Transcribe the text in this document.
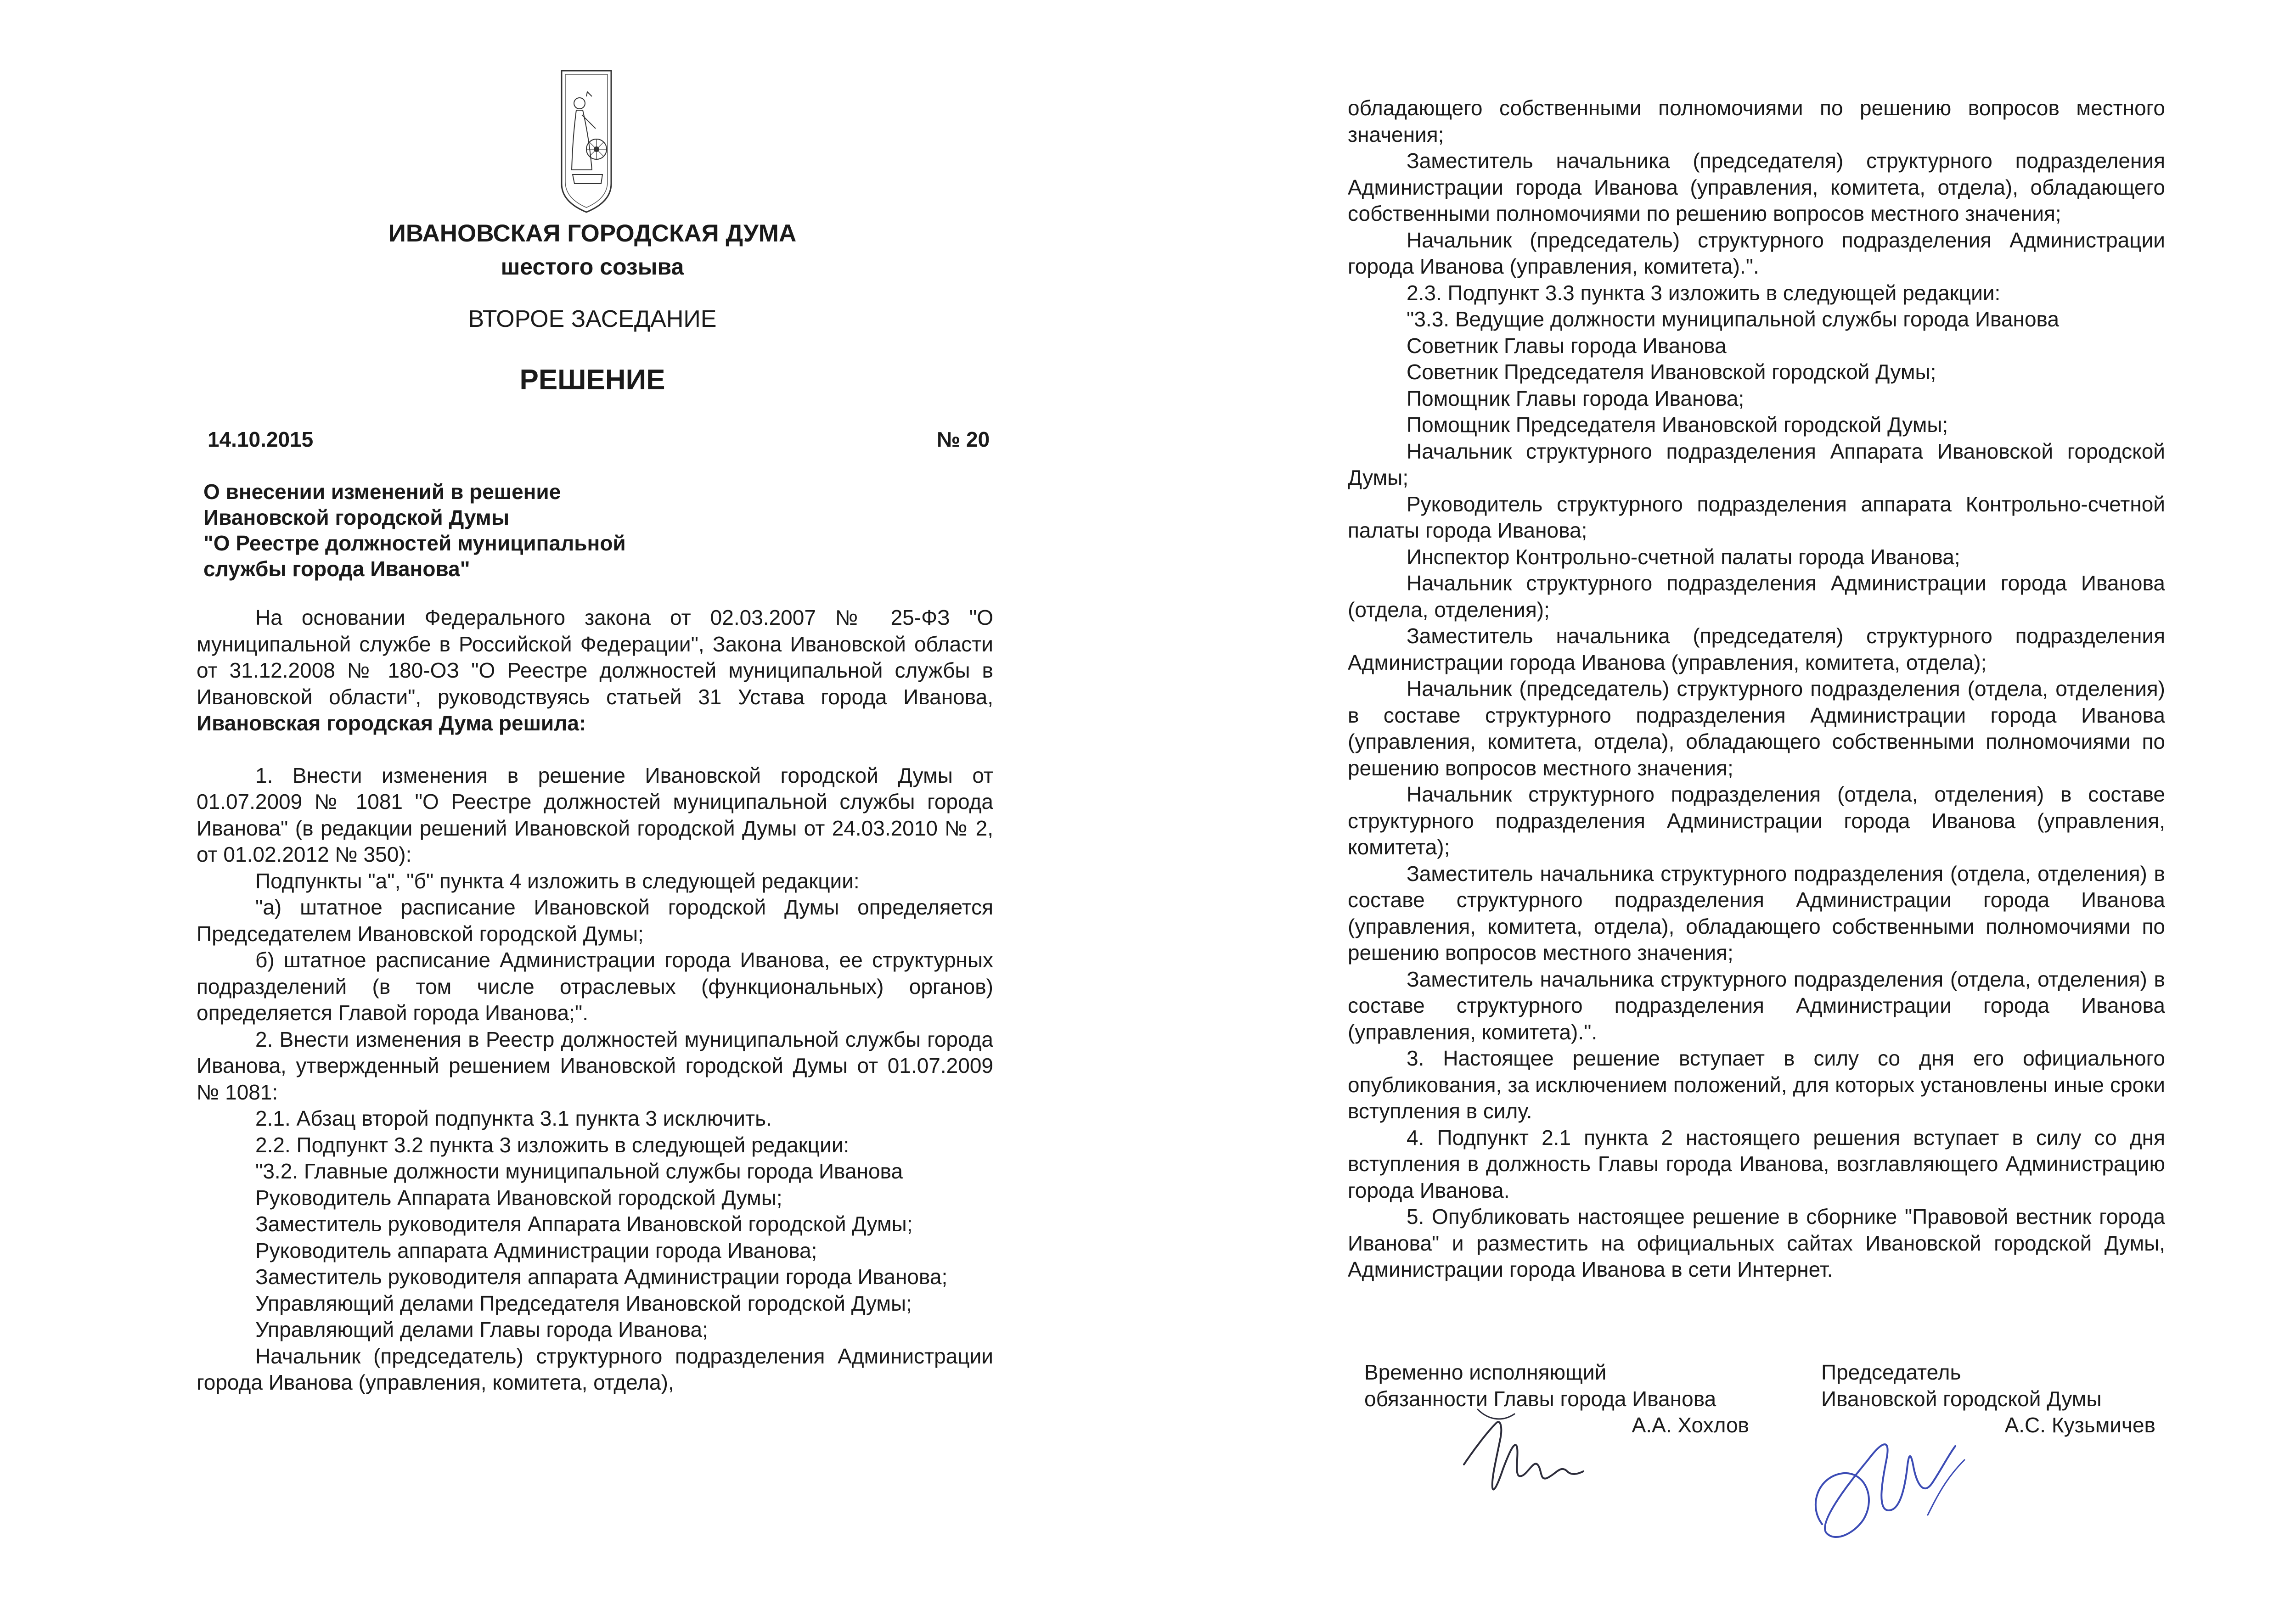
ИВАНОВСКАЯ ГОРОДСКАЯ ДУМА
шестого созыва
ВТОРОЕ ЗАСЕДАНИЕ
РЕШЕНИЕ
14.10.2015	№ 20
О внесении изменений в решение
Ивановской городской Думы
"О Реестре должностей муниципальной
службы города Иванова"

На основании Федерального закона от 02.03.2007 № 25-ФЗ "О муниципальной службе в Российской Федерации", Закона Ивановской области от 31.12.2008 № 180-ОЗ "О Реестре должностей муниципальной службы в Ивановской области", руководствуясь статьей 31 Устава города Иванова, Ивановская городская Дума решила:

1. Внести изменения в решение Ивановской городской Думы от 01.07.2009 № 1081 "О Реестре должностей муниципальной службы города Иванова" (в редакции решений Ивановской городской Думы от 24.03.2010 № 2, от 01.02.2012 № 350):

Подпункты "а", "б" пункта 4 изложить в следующей редакции:

"а) штатное расписание Ивановской городской Думы определяется Председателем Ивановской городской Думы;

б) штатное расписание Администрации города Иванова, ее структурных подразделений (в том числе отраслевых (функциональных) органов) определяется Главой города Иванова;".

2. Внести изменения в Реестр должностей муниципальной службы города Иванова, утвержденный решением Ивановской городской Думы от 01.07.2009 № 1081:

2.1. Абзац второй подпункта 3.1 пункта 3 исключить.

2.2. Подпункт 3.2 пункта 3 изложить в следующей редакции:

"3.2. Главные должности муниципальной службы города Иванова

Руководитель Аппарата Ивановской городской Думы;

Заместитель руководителя Аппарата Ивановской городской Думы;

Руководитель аппарата Администрации города Иванова;

Заместитель руководителя аппарата Администрации города Иванова;

Управляющий делами Председателя Ивановской городской Думы;

Управляющий делами Главы города Иванова;

Начальник (председатель) структурного подразделения Администрации города Иванова (управления, комитета, отдела),

обладающего собственными полномочиями по решению вопросов местного значения;

Заместитель начальника (председателя) структурного подразделения Администрации города Иванова (управления, комитета, отдела), обладающего собственными полномочиями по решению вопросов местного значения;

Начальник (председатель) структурного подразделения Администрации города Иванова (управления, комитета).".

2.3. Подпункт 3.3 пункта 3 изложить в следующей редакции:

"3.3. Ведущие должности муниципальной службы города Иванова

Советник Главы города Иванова

Советник Председателя Ивановской городской Думы;

Помощник Главы города Иванова;

Помощник Председателя Ивановской городской Думы;

Начальник структурного подразделения Аппарата Ивановской городской Думы;

Руководитель структурного подразделения аппарата Контрольно-счетной палаты города Иванова;

Инспектор Контрольно-счетной палаты города Иванова;

Начальник структурного подразделения Администрации города Иванова (отдела, отделения);

Заместитель начальника (председателя) структурного подразделения Администрации города Иванова (управления, комитета, отдела);

Начальник (председатель) структурного подразделения (отдела, отделения) в составе структурного подразделения Администрации города Иванова (управления, комитета, отдела), обладающего собственными полномочиями по решению вопросов местного значения;

Начальник структурного подразделения (отдела, отделения) в составе структурного подразделения Администрации города Иванова (управления, комитета);

Заместитель начальника структурного подразделения (отдела, отделения) в составе структурного подразделения Администрации города Иванова (управления, комитета, отдела), обладающего собственными полномочиями по решению вопросов местного значения;

Заместитель начальника структурного подразделения (отдела, отделения) в составе структурного подразделения Администрации города Иванова (управления, комитета).".

3. Настоящее решение вступает в силу со дня его официального опубликования, за исключением положений, для которых установлены иные сроки вступления в силу.

4. Подпункт 2.1 пункта 2 настоящего решения вступает в силу со дня вступления в должность Главы города Иванова, возглавляющего Администрацию города Иванова.

5. Опубликовать настоящее решение в сборнике "Правовой вестник города Иванова" и разместить на официальных сайтах Ивановской городской Думы, Администрации города Иванова в сети Интернет.

Временно исполняющий
обязанности Главы города Иванова
А.А. Хохлов
Председатель
Ивановской городской Думы
А.С. Кузьмичев
